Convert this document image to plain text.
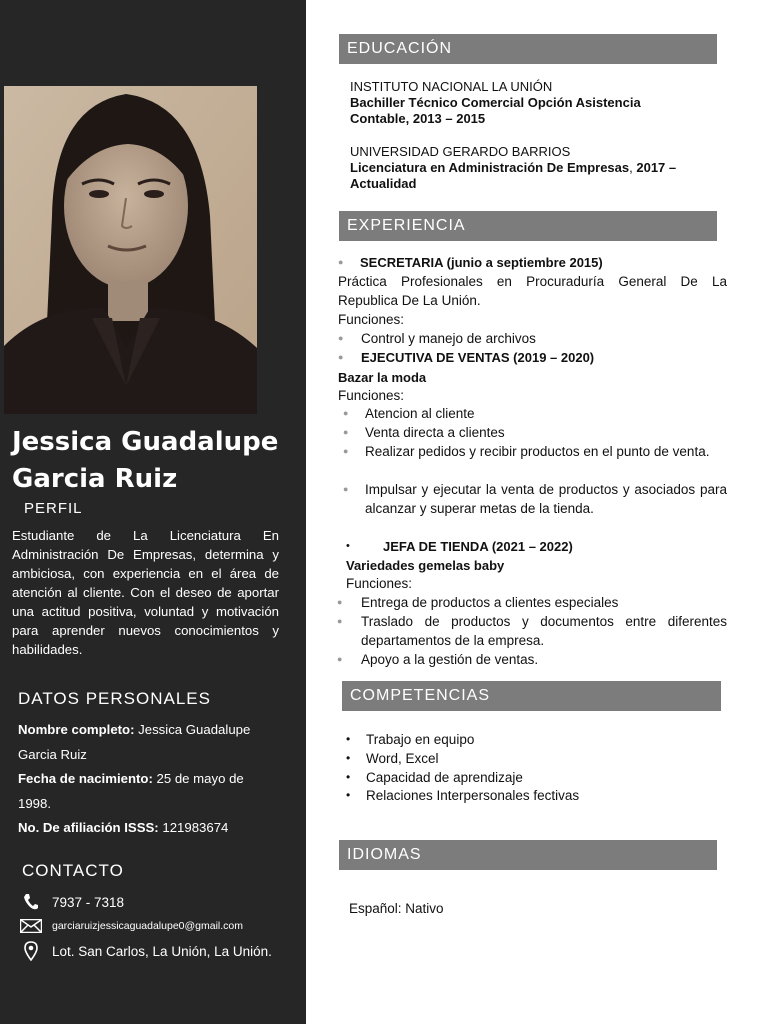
Jessica Guadalupe
Garcia Ruiz
PERFIL
Estudiante de La Licenciatura En Administración De Empresas, determina y ambiciosa, con experiencia en el área de atención al cliente. Con el deseo de aportar una actitud positiva, voluntad y motivación para aprender nuevos conocimientos y habilidades.
DATOS PERSONALES
Nombre completo: Jessica Guadalupe Garcia Ruiz
Fecha de nacimiento: 25 de mayo de 1998.
No. De afiliación ISSS: 121983674
CONTACTO
7937 - 7318
garciaruizjessicaguadalupe0@gmail.com
Lot. San Carlos, La Unión, La Unión.
EDUCACIÓN
INSTITUTO NACIONAL LA UNIÓN
Bachiller Técnico Comercial Opción Asistencia
Contable, 2013 – 2015
UNIVERSIDAD GERARDO BARRIOS
Licenciatura en Administración De Empresas, 2017 –
Actualidad
EXPERIENCIA
● SECRETARIA (junio a septiembre 2015)
Práctica Profesionales en Procuraduría General De La
Republica De La Unión.
Funciones:
● Control y manejo de archivos
● EJECUTIVA DE VENTAS (2019 – 2020)
Bazar la moda
Funciones:
● Atencion al cliente
● Venta directa a clientes
● Realizar pedidos y recibir productos en el punto de venta.
● Impulsar y ejecutar la venta de productos y asociados para alcanzar y superar metas de la tienda.
•	JEFA DE TIENDA (2021 – 2022)
Variedades gemelas baby
Funciones:
● Entrega de productos a clientes especiales
● Traslado de productos y documentos entre diferentes departamentos de la empresa.
● Apoyo a la gestión de ventas.
COMPETENCIAS
• Trabajo en equipo
• Word, Excel
• Capacidad de aprendizaje
• Relaciones Interpersonales fectivas
IDIOMAS
Español: Nativo
